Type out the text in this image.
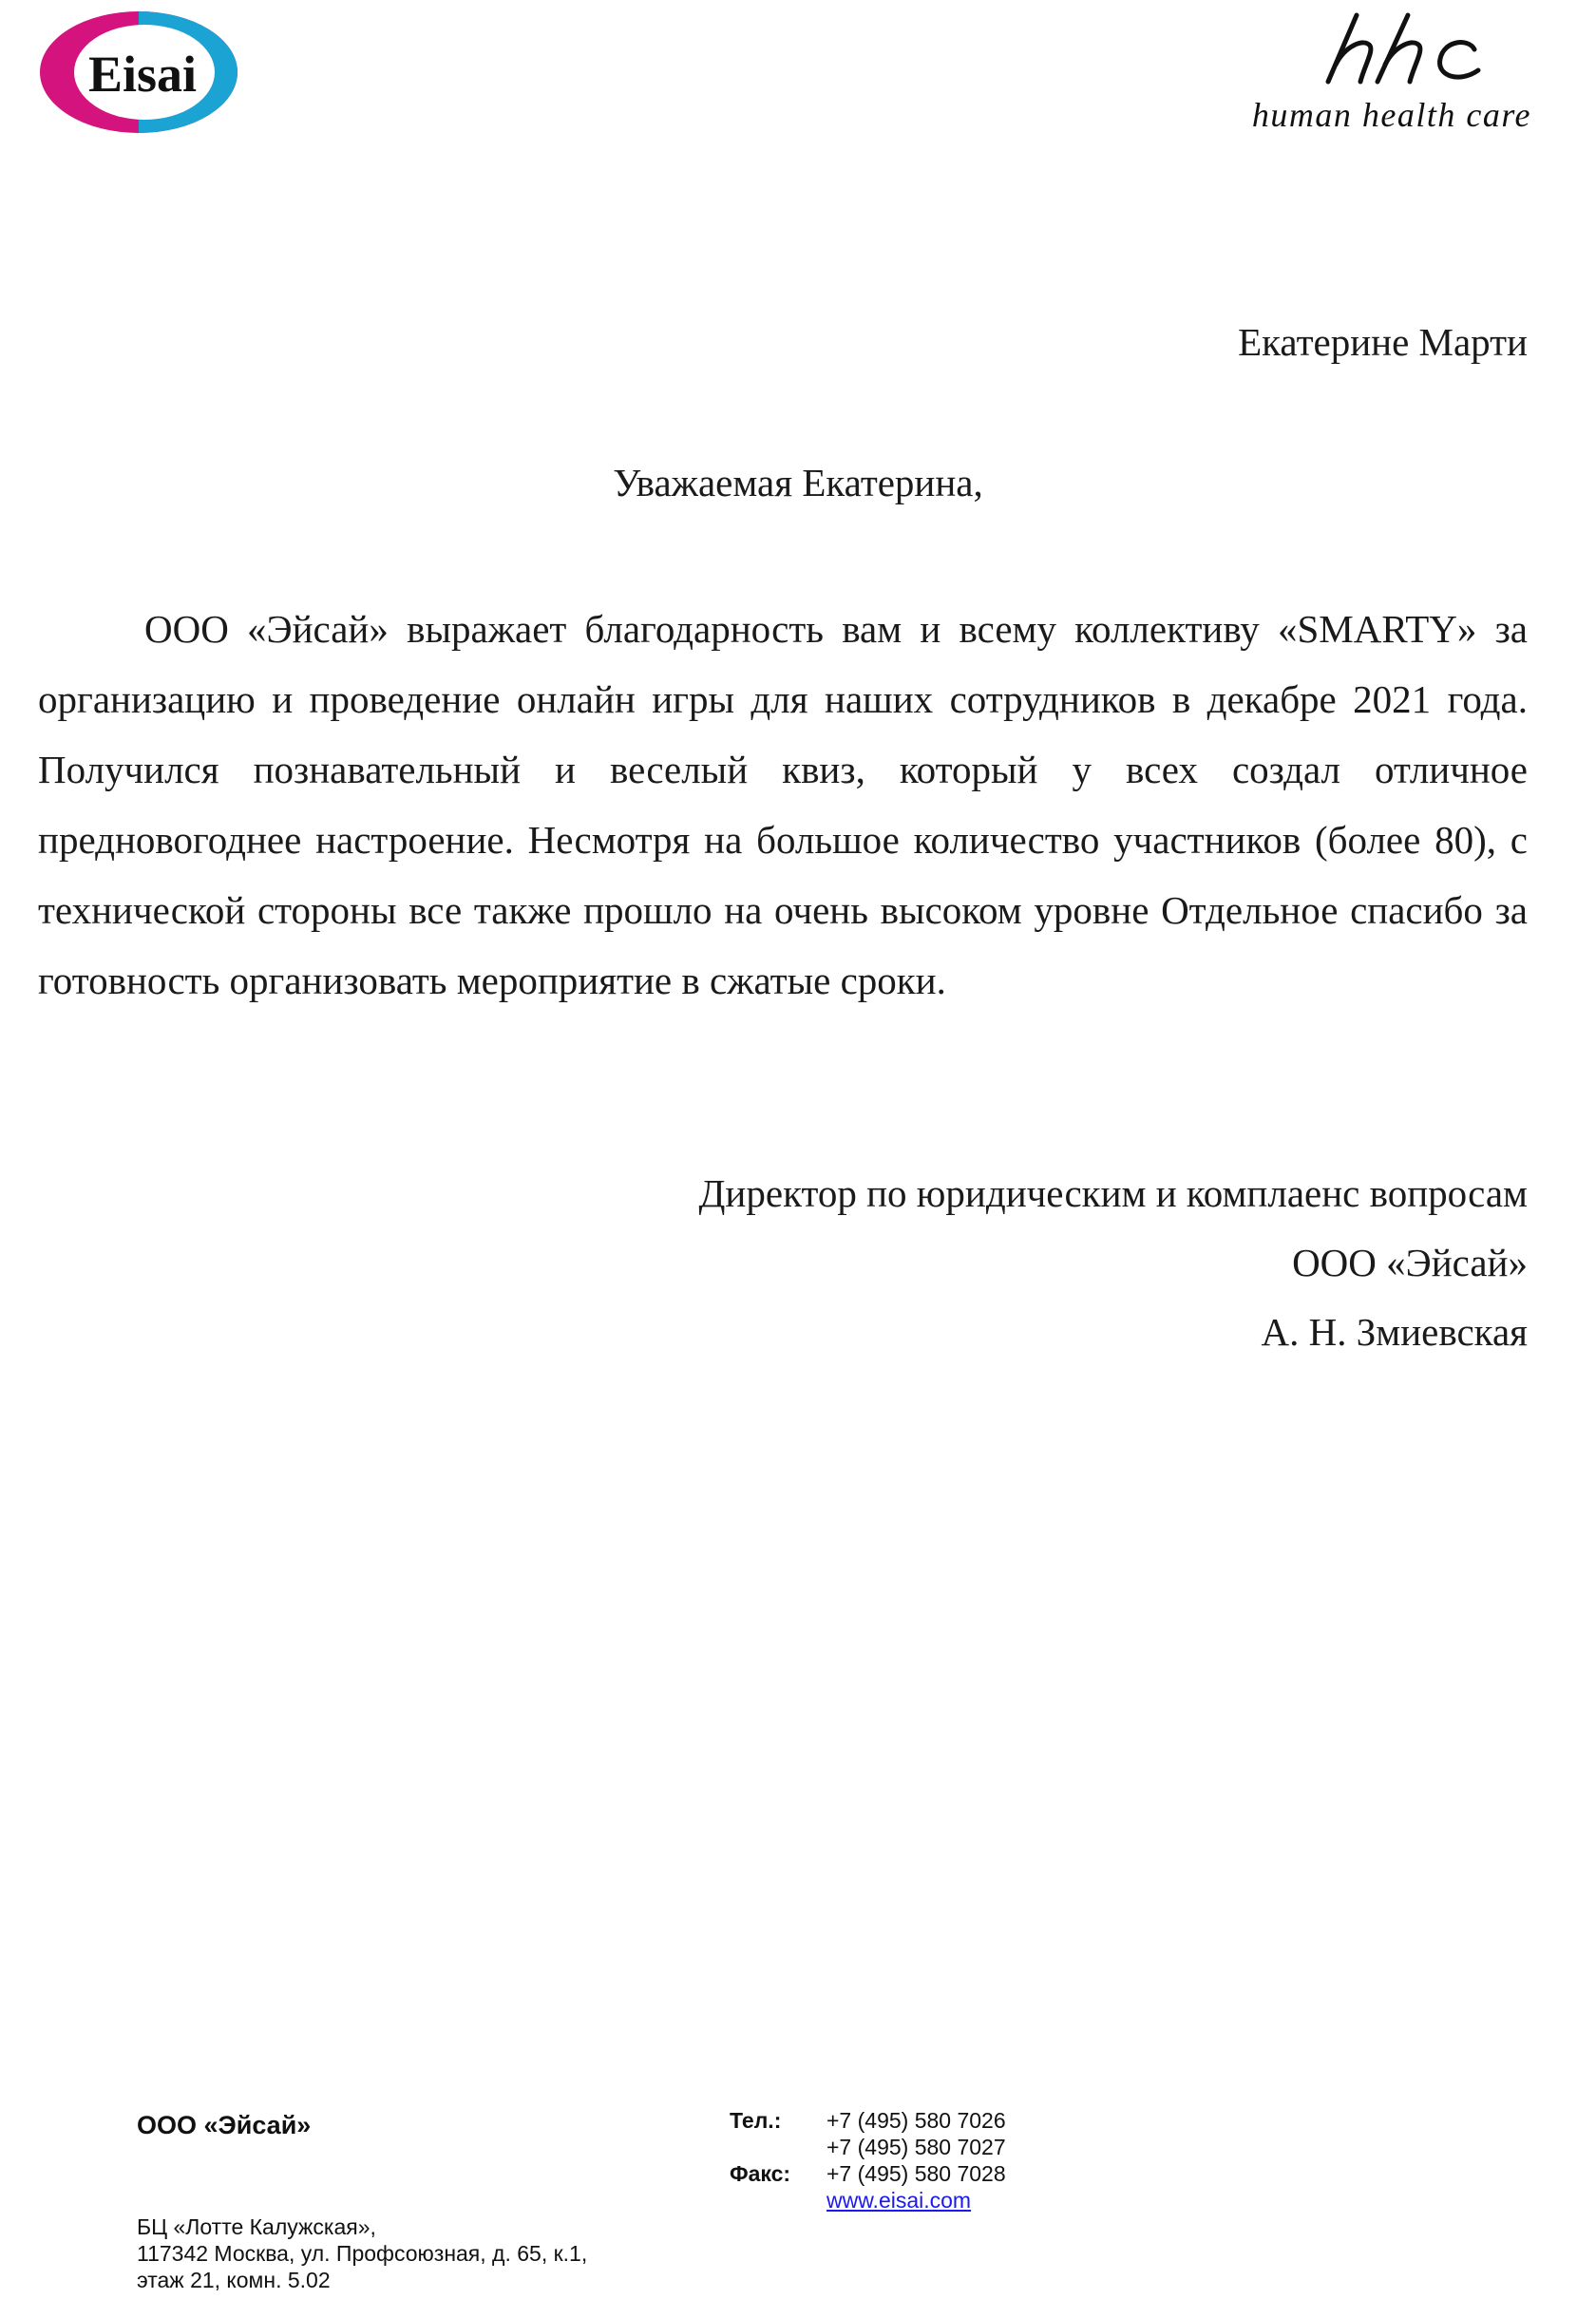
Eisai
human health care
Екатерине Марти
Уважаемая Екатерина,

ООО «Эйсай» выражает благодарность вам и всему коллективу «SMARTY» за организацию и проведение онлайн игры для наших сотрудников в декабре 2021 года. Получился познавательный и веселый квиз, который у всех создал отличное предновогоднее настроение. Несмотря на большое количество участников (более 80), с технической стороны все также прошло на очень высоком уровне Отдельное спасибо за готовность организовать мероприятие в сжатые сроки.

Директор по юридическим и комплаенс вопросам
ООО «Эйсай»
А. Н. Змиевская
ООО «Эйсай»
БЦ «Лотте Калужская»,
117342 Москва, ул. Профсоюзная, д. 65, к.1,
этаж 21, комн. 5.02
Тел.:	+7 (495) 580 7026
+7 (495) 580 7027
Факс:	+7 (495) 580 7028
www.eisai.com
